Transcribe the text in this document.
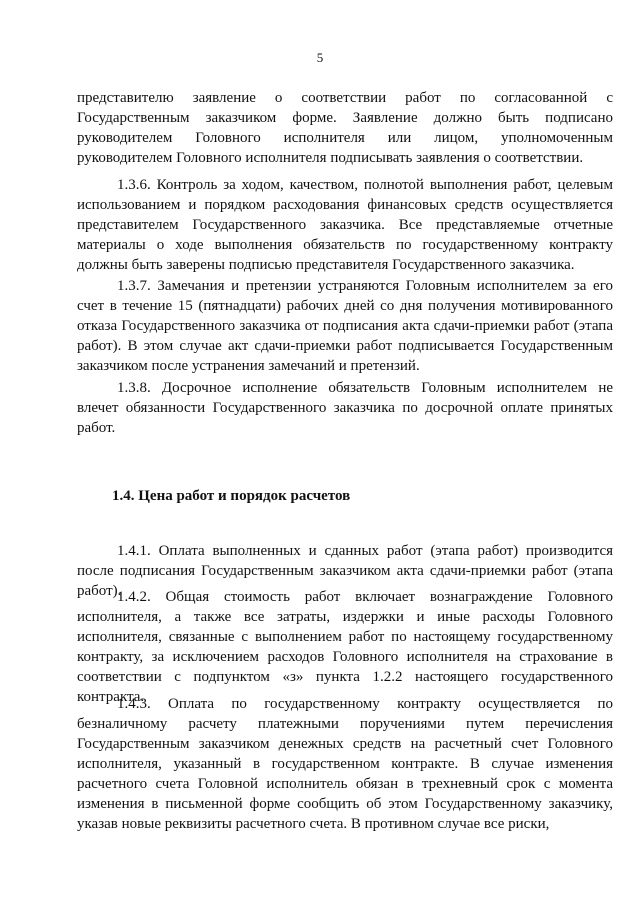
5

представителю заявление о соответствии работ по согласованной с Государственным заказчиком форме. Заявление должно быть подписано руководителем Головного исполнителя или лицом, уполномоченным руководителем Головного исполнителя подписывать заявления о соответствии.

1.3.6. Контроль за ходом, качеством, полнотой выполнения работ, целевым использованием и порядком расходования финансовых средств осуществляется представителем Государственного заказчика. Все представляемые отчетные материалы о ходе выполнения обязательств по государственному контракту должны быть заверены подписью представителя Государственного заказчика.

1.3.7. Замечания и претензии устраняются Головным исполнителем за его счет в течение 15 (пятнадцати) рабочих дней со дня получения мотивированного отказа Государственного заказчика от подписания акта сдачи-приемки работ (этапа работ). В этом случае акт сдачи-приемки работ подписывается Государственным заказчиком после устранения замечаний и претензий.

1.3.8. Досрочное исполнение обязательств Головным исполнителем не влечет обязанности Государственного заказчика по досрочной оплате принятых работ.

1.4. Цена работ и порядок расчетов

1.4.1. Оплата выполненных и сданных работ (этапа работ) производится после подписания Государственным заказчиком акта сдачи-приемки работ (этапа работ).

1.4.2. Общая стоимость работ включает вознаграждение Головного исполнителя, а также все затраты, издержки и иные расходы Головного исполнителя, связанные с выполнением работ по настоящему государственному контракту, за исключением расходов Головного исполнителя на страхование в соответствии с подпунктом «з» пункта 1.2.2 настоящего государственного контракта.

1.4.3. Оплата по государственному контракту осуществляется по безналичному расчету платежными поручениями путем перечисления Государственным заказчиком денежных средств на расчетный счет Головного исполнителя, указанный в государственном контракте. В случае изменения расчетного счета Головной исполнитель обязан в трехневный срок с момента изменения в письменной форме сообщить об этом Государственному заказчику, указав новые реквизиты расчетного счета. В противном случае все риски,
